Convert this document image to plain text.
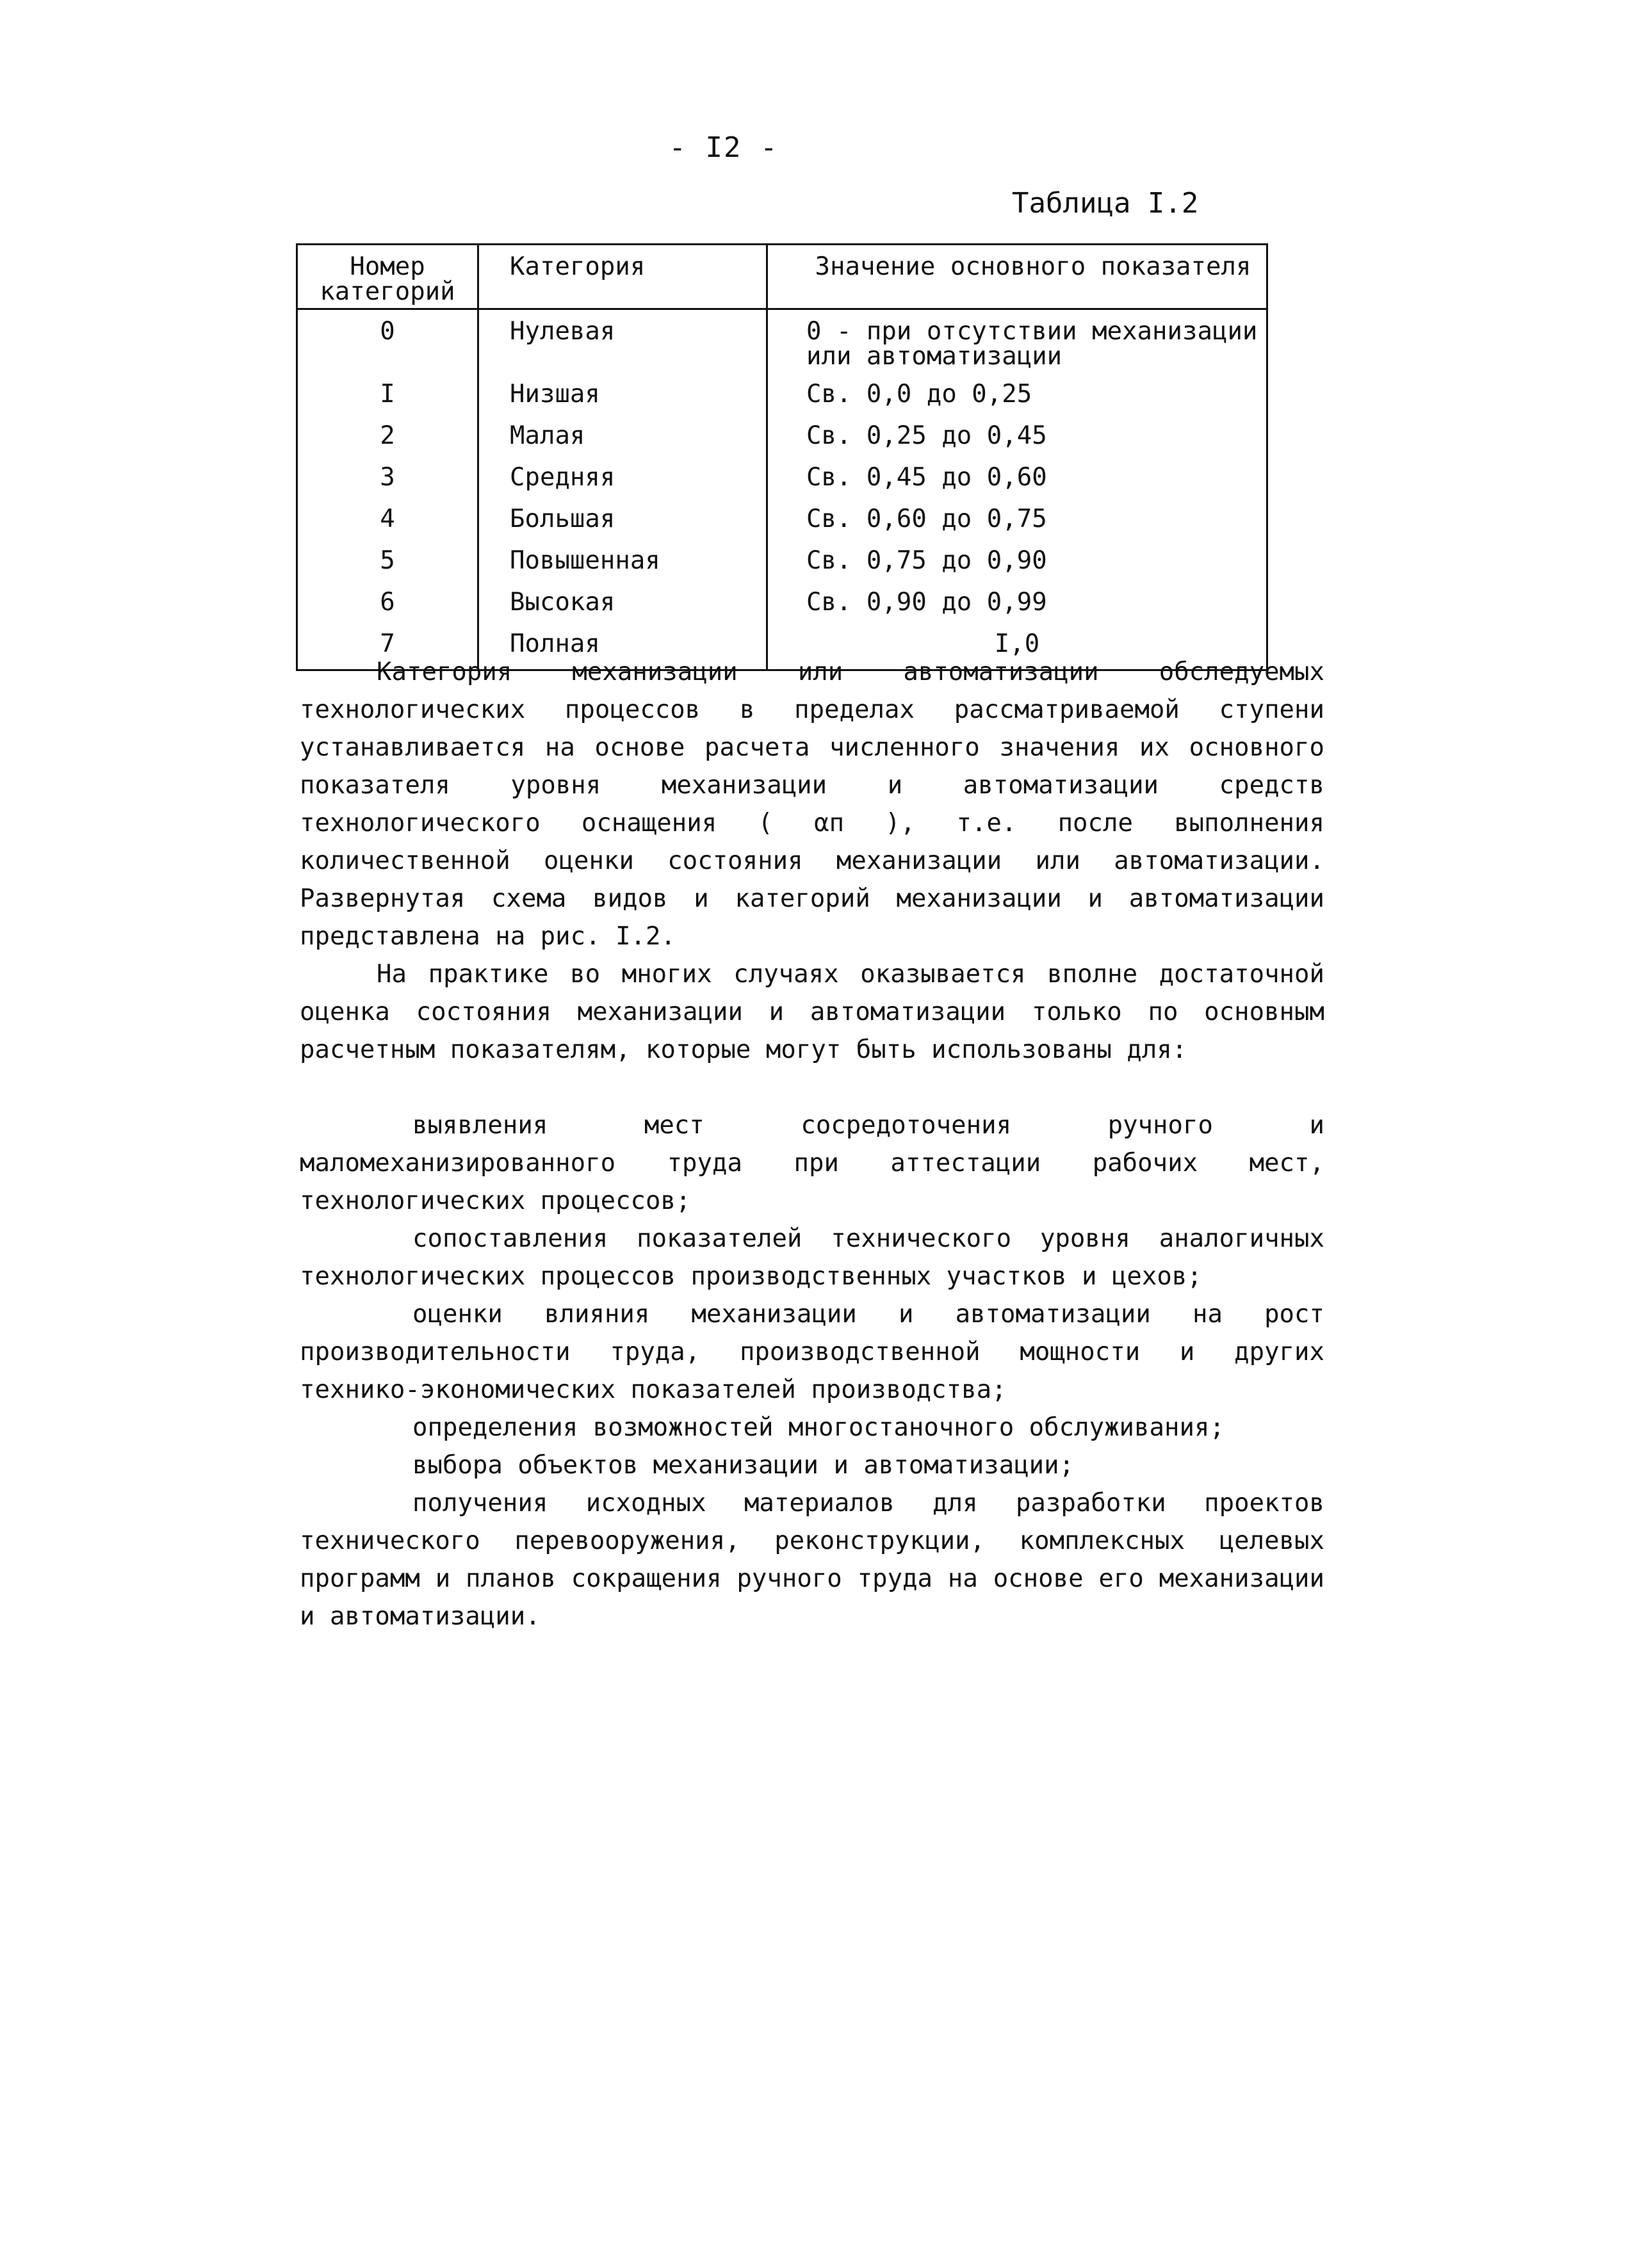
- I2 -
Таблица I.2
Номер категорий	Категория	Значение основного показателя
0	Нулевая	0 - при отсутствии механизации или автоматизации
I	Низшая	Св. 0,0 до 0,25
2	Малая	Св. 0,25 до 0,45
3	Средняя	Св. 0,45 до 0,60
4	Большая	Св. 0,60 до 0,75
5	Повышенная	Св. 0,75 до 0,90
6	Высокая	Св. 0,90 до 0,99
7	Полная	I,0

Категория механизации или автоматизации обследуемых технологических процессов в пределах рассматриваемой ступени устанавливается на основе расчета численного значения их основного показателя уровня механизации и автоматизации средств технологического оснащения ( αп ), т.е. после выполнения количественной оценки состояния механизации или автоматизации. Развернутая схема видов и категорий механизации и автоматизации представлена на рис. I.2.

На практике во многих случаях оказывается вполне достаточной оценка состояния механизации и автоматизации только по основным расчетным показателям, которые могут быть использованы для:

выявления мест сосредоточения ручного и маломеханизированного труда при аттестации рабочих мест, технологических процессов;

сопоставления показателей технического уровня аналогичных технологических процессов производственных участков и цехов;

оценки влияния механизации и автоматизации на рост производительности труда, производственной мощности и других технико-экономических показателей производства;

определения возможностей многостаночного обслуживания;

выбора объектов механизации и автоматизации;

получения исходных материалов для разработки проектов технического перевооружения, реконструкции, комплексных целевых программ и планов сокращения ручного труда на основе его механизации и автоматизации.
